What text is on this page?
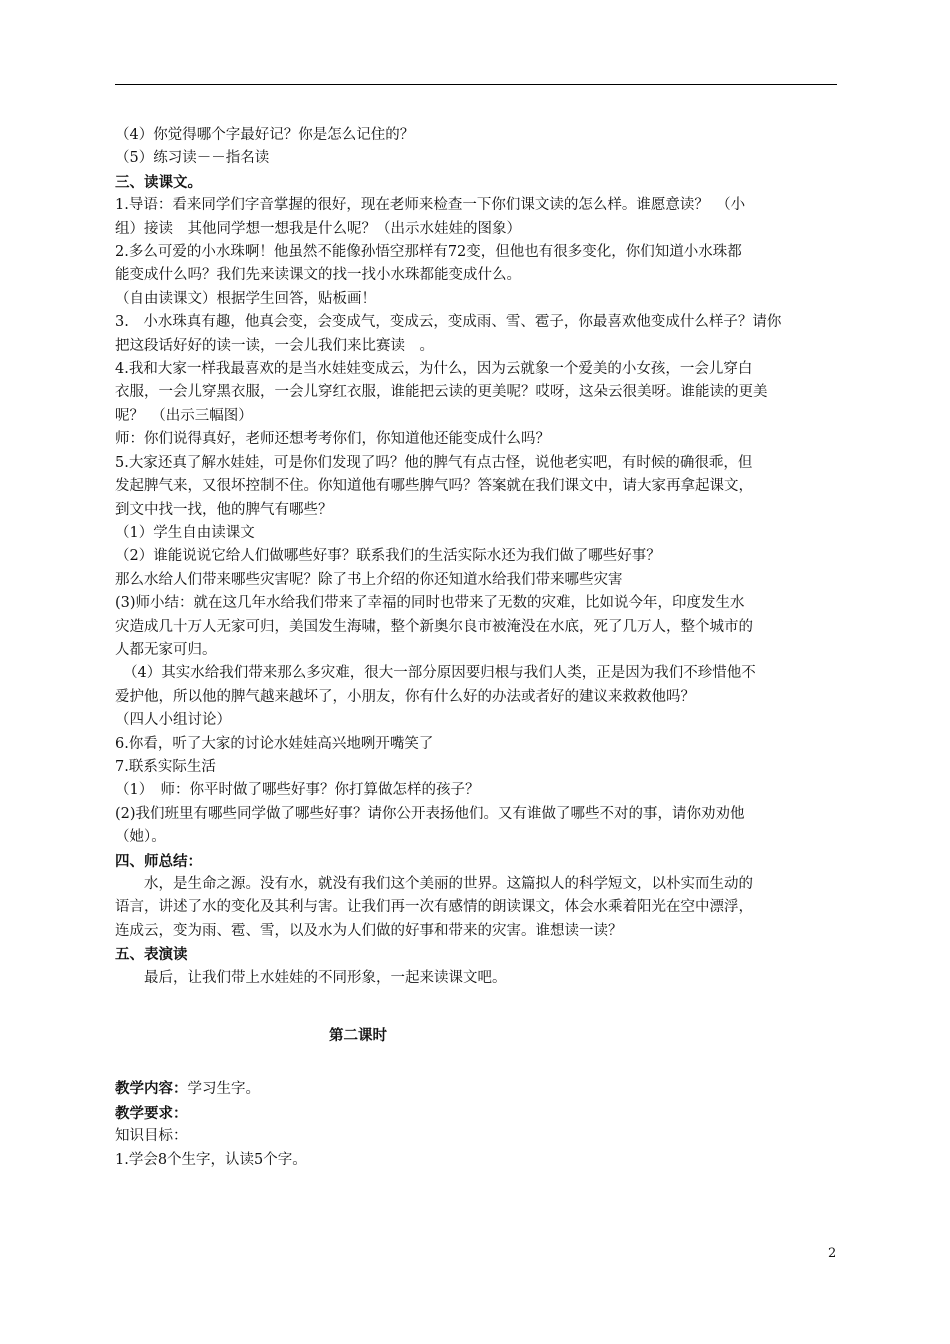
（4）你觉得哪个字最好记？你是怎么记住的？
（5）练习读－－指名读
三、读课文。
1.导语：看来同学们字音掌握的很好，现在老师来检查一下你们课文读的怎么样。谁愿意读？　（小
组）接读　其他同学想一想我是什么呢？（出示水娃娃的图象）
2.多么可爱的小水珠啊！他虽然不能像孙悟空那样有72变，但他也有很多变化，你们知道小水珠都
能变成什么吗？我们先来读课文的找一找小水珠都能变成什么。
（自由读课文）根据学生回答，贴板画！
3.　小水珠真有趣，他真会变，会变成气，变成云，变成雨、雪、雹子，你最喜欢他变成什么样子？请你
把这段话好好的读一读，一会儿我们来比赛读　。
4.我和大家一样我最喜欢的是当水娃娃变成云，为什么，因为云就象一个爱美的小女孩，一会儿穿白
衣服，一会儿穿黑衣服，一会儿穿红衣服，谁能把云读的更美呢？哎呀，这朵云很美呀。谁能读的更美
呢？　（出示三幅图）
师：你们说得真好，老师还想考考你们，你知道他还能变成什么吗？
5.大家还真了解水娃娃，可是你们发现了吗？他的脾气有点古怪，说他老实吧，有时候的确很乖，但
发起脾气来，又很坏控制不住。你知道他有哪些脾气吗？答案就在我们课文中，请大家再拿起课文，
到文中找一找，他的脾气有哪些？
（1）学生自由读课文
（2）谁能说说它给人们做哪些好事？联系我们的生活实际水还为我们做了哪些好事？
那么水给人们带来哪些灾害呢？除了书上介绍的你还知道水给我们带来哪些灾害
(3)师小结：就在这几年水给我们带来了幸福的同时也带来了无数的灾难，比如说今年，印度发生水
灾造成几十万人无家可归，美国发生海啸，整个新奥尔良市被淹没在水底，死了几万人，整个城市的
人都无家可归。
（4）其实水给我们带来那么多灾难，很大一部分原因要归根与我们人类，正是因为我们不珍惜他不
爱护他，所以他的脾气越来越坏了，小朋友，你有什么好的办法或者好的建议来救救他吗？
（四人小组讨论）
6.你看，听了大家的讨论水娃娃高兴地咧开嘴笑了
7.联系实际生活
（1）　师：你平时做了哪些好事？你打算做怎样的孩子？
(2)我们班里有哪些同学做了哪些好事？请你公开表扬他们。又有谁做了哪些不对的事，请你劝劝他
（她）。
四、师总结：
水，是生命之源。没有水，就没有我们这个美丽的世界。这篇拟人的科学短文，以朴实而生动的
语言，讲述了水的变化及其利与害。让我们再一次有感情的朗读课文，体会水乘着阳光在空中漂浮，
连成云，变为雨、雹、雪，以及水为人们做的好事和带来的灾害。谁想读一读？
五、表演读
最后，让我们带上水娃娃的不同形象，一起来读课文吧。
第二课时
教学内容：学习生字。
教学要求：
知识目标：
1.学会8个生字，认读5个字。
2
